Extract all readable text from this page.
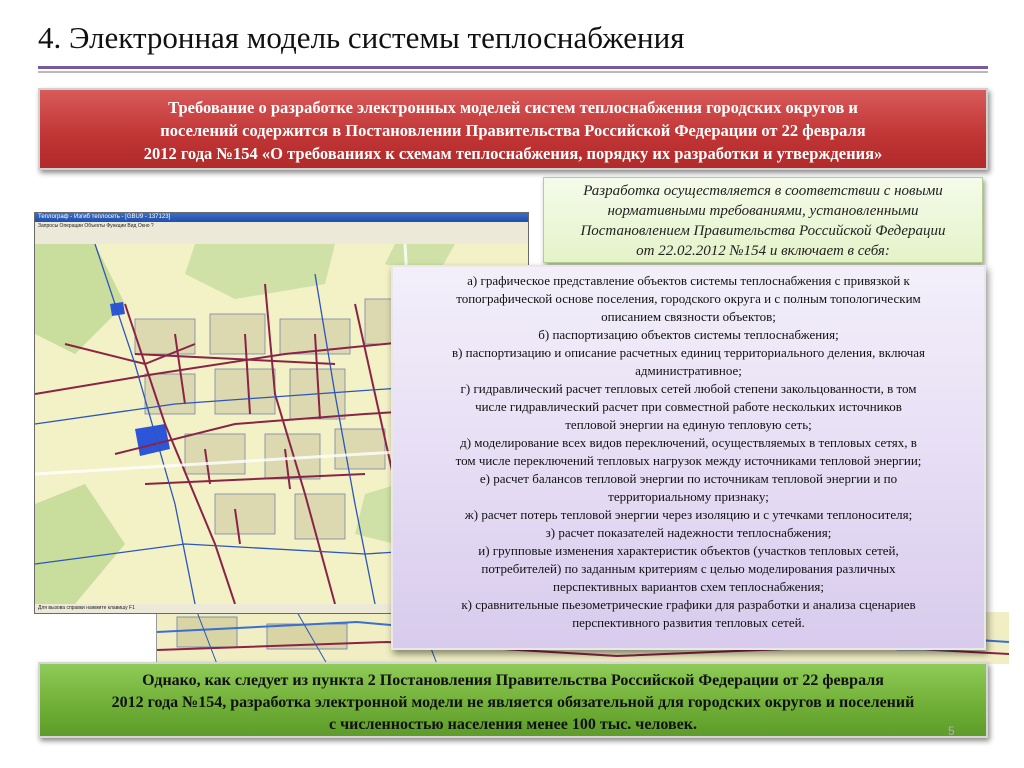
4. Электронная модель системы теплоснабжения
Теплограф - Изгиб теплосеть - [GBU9 - 137123]
Запросы Операции Объекты Функции Вид Окно ?
Для вызова справки нажмите клавишу F1
Требование о разработке электронных моделей систем теплоснабжения городских округов и
поселений содержится в Постановлении Правительства Российской Федерации от 22 февраля
2012 года №154 «О требованиях к схемам теплоснабжения, порядку их разработки и утверждения»
Разработка осуществляется в соответствии с новыми
нормативными требованиями, установленными
Постановлением Правительства Российской Федерации
от 22.02.2012 №154 и включает в себя:
а) графическое представление объектов системы теплоснабжения с привязкой к
топографической основе поселения, городского округа и с полным топологическим
описанием связности объектов;
б) паспортизацию объектов системы теплоснабжения;
в) паспортизацию и описание расчетных единиц территориального деления, включая
административное;
г) гидравлический расчет тепловых сетей любой степени закольцованности, в том
числе гидравлический расчет при совместной работе нескольких источников
тепловой энергии на единую тепловую сеть;
д) моделирование всех видов переключений, осуществляемых в тепловых сетях, в
том числе переключений тепловых нагрузок между источниками тепловой энергии;
е) расчет балансов тепловой энергии по источникам тепловой энергии и по
территориальному признаку;
ж) расчет потерь тепловой энергии через изоляцию и с утечками теплоносителя;
з) расчет показателей надежности теплоснабжения;
и) групповые изменения характеристик объектов (участков тепловых сетей,
потребителей) по заданным критериям с целью моделирования различных
перспективных вариантов схем теплоснабжения;
к) сравнительные пьезометрические графики для разработки и анализа сценариев
перспективного развития тепловых сетей.
Однако, как следует из пункта 2 Постановления Правительства Российской Федерации от 22 февраля
2012 года №154, разработка электронной модели не является обязательной для городских округов и поселений
с численностью населения менее 100 тыс. человек.	5
